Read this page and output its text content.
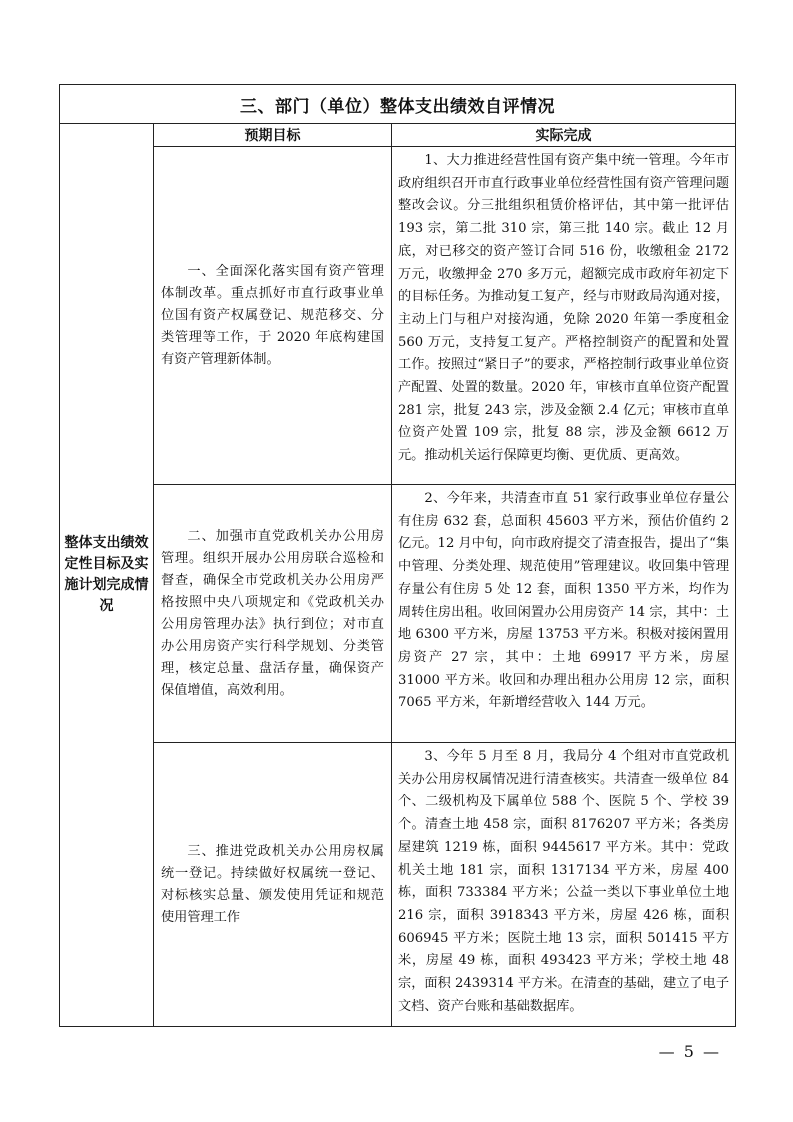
三、部门（单位）整体支出绩效自评情况		
整体支出绩效定性目标及实施计划完成情况	预期目标	实际完成

	一、全面深化落实国有资产管理体制改革。重点抓好市直行政事业单位国有资产权属登记、规范移交、分类管理等工作，于 2020 年底构建国有资产管理新体制。	1、大力推进经营性国有资产集中统一管理。今年市政府组织召开市直行政事业单位经营性国有资产管理问题整改会议。分三批组织租赁价格评估，其中第一批评估 193 宗，第二批 310 宗，第三批 140 宗。截止 12 月底，对已移交的资产签订合同 516 份，收缴租金 2172 万元，收缴押金 270 多万元，超额完成市政府年初定下的目标任务。为推动复工复产，经与市财政局沟通对接，主动上门与租户对接沟通，免除 2020 年第一季度租金 560 万元，支持复工复产。严格控制资产的配置和处置工作。按照过“紧日子”的要求，严格控制行政事业单位资产配置、处置的数量。2020 年，审核市直单位资产配置 281 宗，批复 243 宗，涉及金额 2.4 亿元；审核市直单位资产处置 109 宗，批复 88 宗，涉及金额 6612 万元。推动机关运行保障更均衡、更优质、更高效。

	二、加强市直党政机关办公用房管理。组织开展办公用房联合巡检和督查，确保全市党政机关办公用房严格按照中央八项规定和《党政机关办公用房管理办法》执行到位；对市直办公用房资产实行科学规划、分类管理，核定总量、盘活存量，确保资产保值增值，高效利用。	2、今年来，共清查市直 51 家行政事业单位存量公有住房 632 套，总面积 45603 平方米，预估价值约 2 亿元。12 月中旬，向市政府提交了清查报告，提出了“集中管理、分类处理、规范使用”管理建议。收回集中管理存量公有住房 5 处 12 套，面积 1350 平方米，均作为周转住房出租。收回闲置办公用房资产 14 宗，其中：土地 6300 平方米，房屋 13753 平方米。积极对接闲置用房资产 27 宗，其中：土地 69917 平方米，房屋 31000 平方米。收回和办理出租办公用房 12 宗，面积 7065 平方米，年新增经营收入 144 万元。

	三、推进党政机关办公用房权属统一登记。持续做好权属统一登记、对标核实总量、颁发使用凭证和规范使用管理工作	3、今年 5 月至 8 月，我局分 4 个组对市直党政机关办公用房权属情况进行清查核实。共清查一级单位 84 个、二级机构及下属单位 588 个、医院 5 个、学校 39 个。清查土地 458 宗，面积 8176207 平方米；各类房屋建筑 1219 栋，面积 9445617 平方米。其中：党政机关土地 181 宗，面积 1317134 平方米，房屋 400 栋，面积 733384 平方米；公益一类以下事业单位土地 216 宗，面积 3918343 平方米，房屋 426 栋，面积 606945 平方米；医院土地 13 宗，面积 501415 平方米，房屋 49 栋，面积 493423 平方米；学校土地 48 宗，面积 2439314 平方米。在清查的基础，建立了电子文档、资产台账和基础数据库。

— 5 —
